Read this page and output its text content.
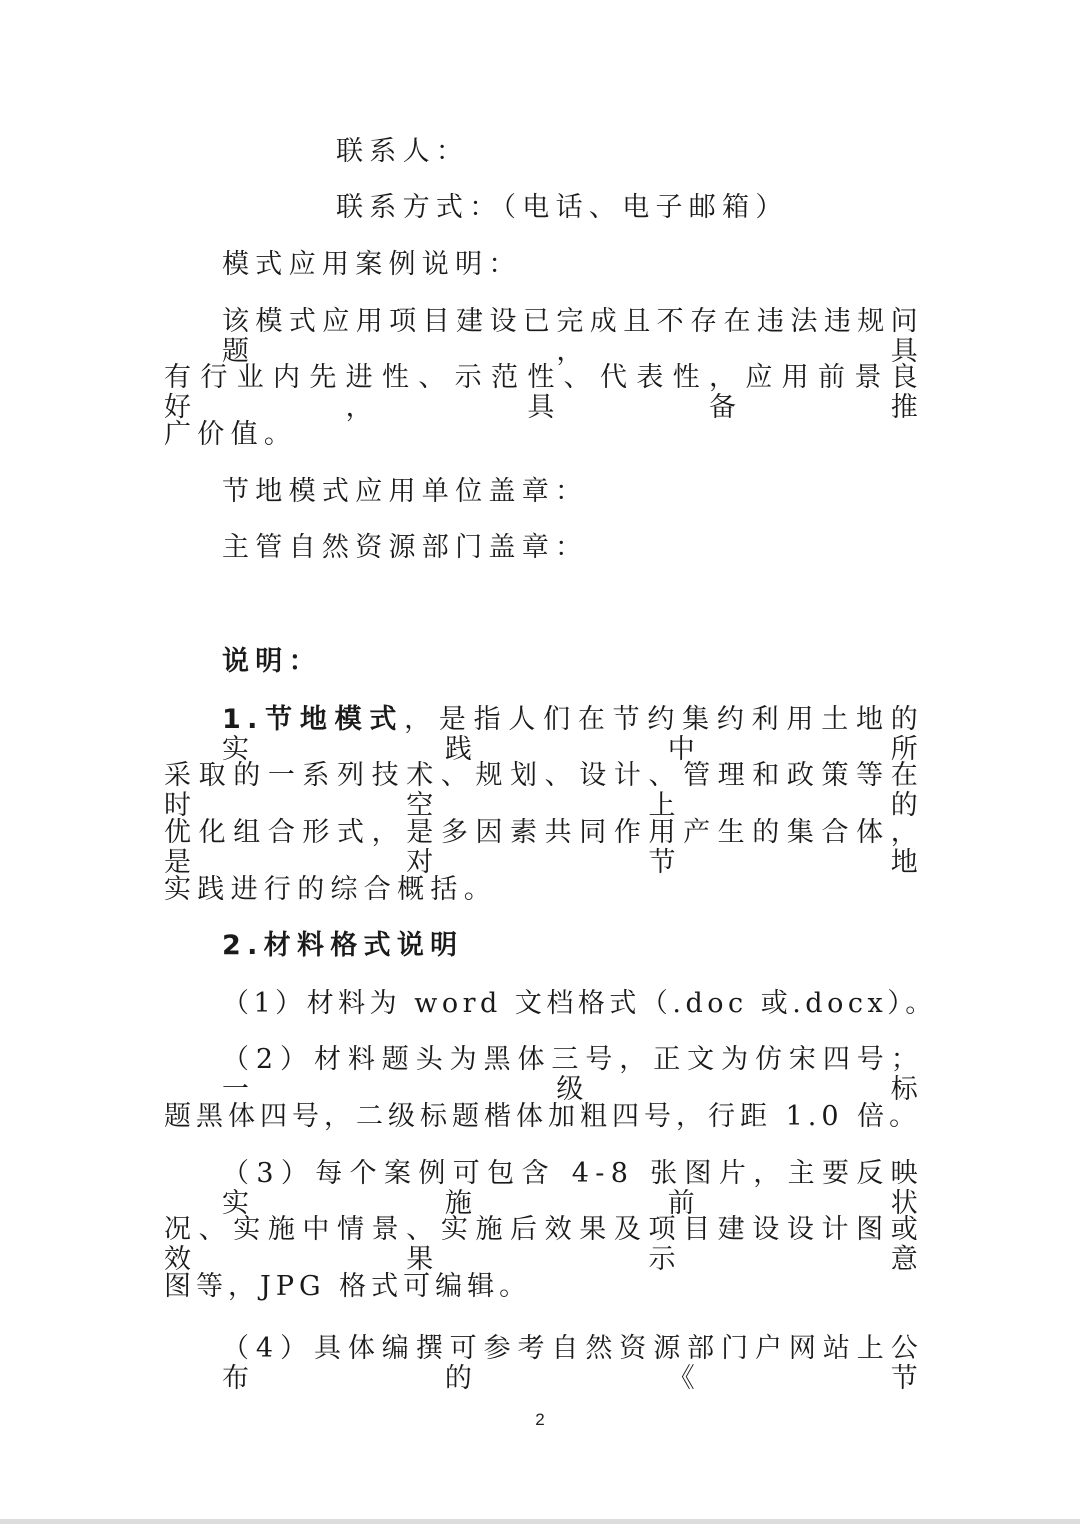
联系人：
联系方式：（电话、电子邮箱）
模式应用案例说明：
该模式应用项目建设已完成且不存在违法违规问题，具
有行业内先进性、示范性、代表性，应用前景良好，具备推
广价值。
节地模式应用单位盖章：
主管自然资源部门盖章：
说明：
1.节地模式，是指人们在节约集约利用土地的实践中所
采取的一系列技术、规划、设计、管理和政策等在时空上的
优化组合形式，是多因素共同作用产生的集合体，是对节地
实践进行的综合概括。
2.材料格式说明
（1）材料为 word 文档格式（.doc 或.docx）。
（2）材料题头为黑体三号，正文为仿宋四号；一级标
题黑体四号，二级标题楷体加粗四号，行距 1.0 倍。
（3）每个案例可包含 4-8 张图片，主要反映实施前状
况、实施中情景、实施后效果及项目建设设计图或效果示意
图等，JPG 格式可编辑。
（4）具体编撰可参考自然资源部门户网站上公布的《节
2
